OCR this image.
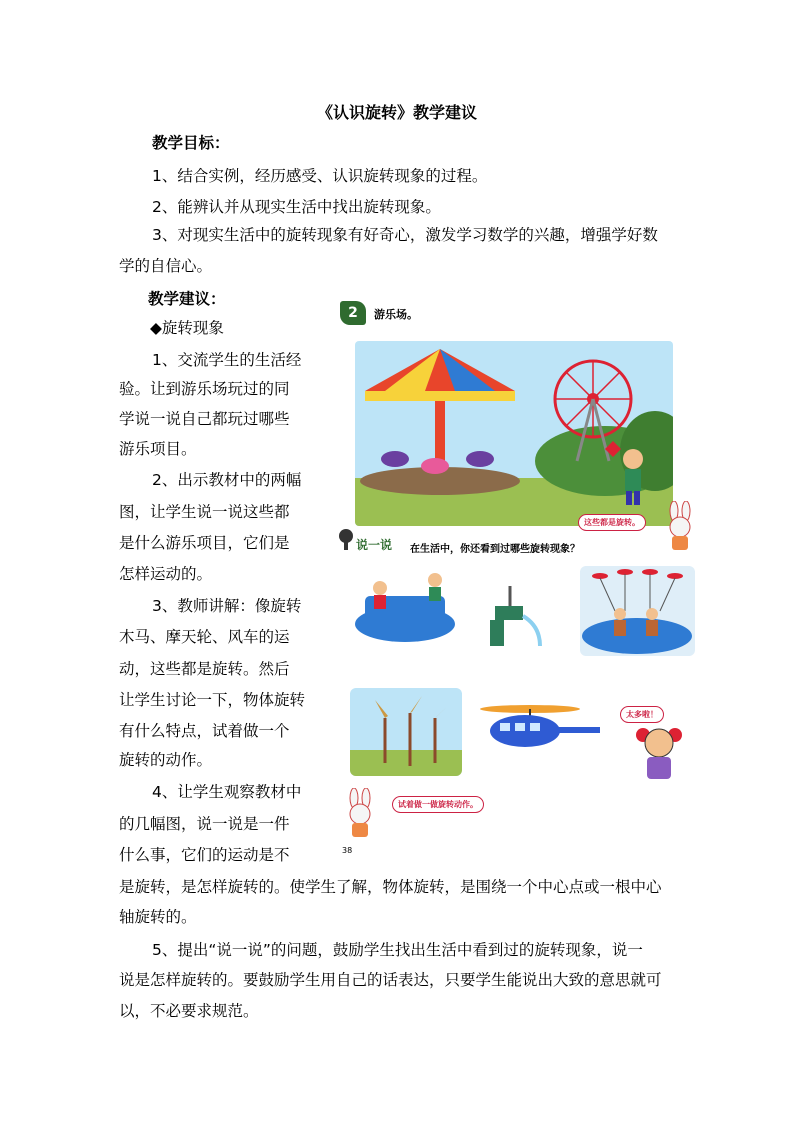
《认识旋转》教学建议
教学目标：
1、结合实例，经历感受、认识旋转现象的过程。
2、能辨认并从现实生活中找出旋转现象。
3、对现实生活中的旋转现象有好奇心，激发学习数学的兴趣，增强学好数
学的自信心。
教学建议：
◆旋转现象
1、交流学生的生活经
验。让到游乐场玩过的同
学说一说自己都玩过哪些
游乐项目。
2、出示教材中的两幅
图，让学生说一说这些都
是什么游乐项目，它们是
怎样运动的。
3、教师讲解：像旋转
木马、摩天轮、风车的运
动，这些都是旋转。然后
让学生讨论一下，物体旋转
有什么特点，试着做一个
旋转的动作。
4、让学生观察教材中
的几幅图，说一说是一件
什么事，它们的运动是不
是旋转，是怎样旋转的。使学生了解，物体旋转，是围绕一个中心点或一根中心
轴旋转的。
5、提出“说一说”的问题，鼓励学生找出生活中看到过的旋转现象，说一
说是怎样旋转的。要鼓励学生用自己的话表达，只要学生能说出大致的意思就可
以，不必要求规范。
2	游乐场。
这些都是旋转。
说一说 在生活中，你还看到过哪些旋转现象？
太多啦！
试着做一做旋转动作。
38
